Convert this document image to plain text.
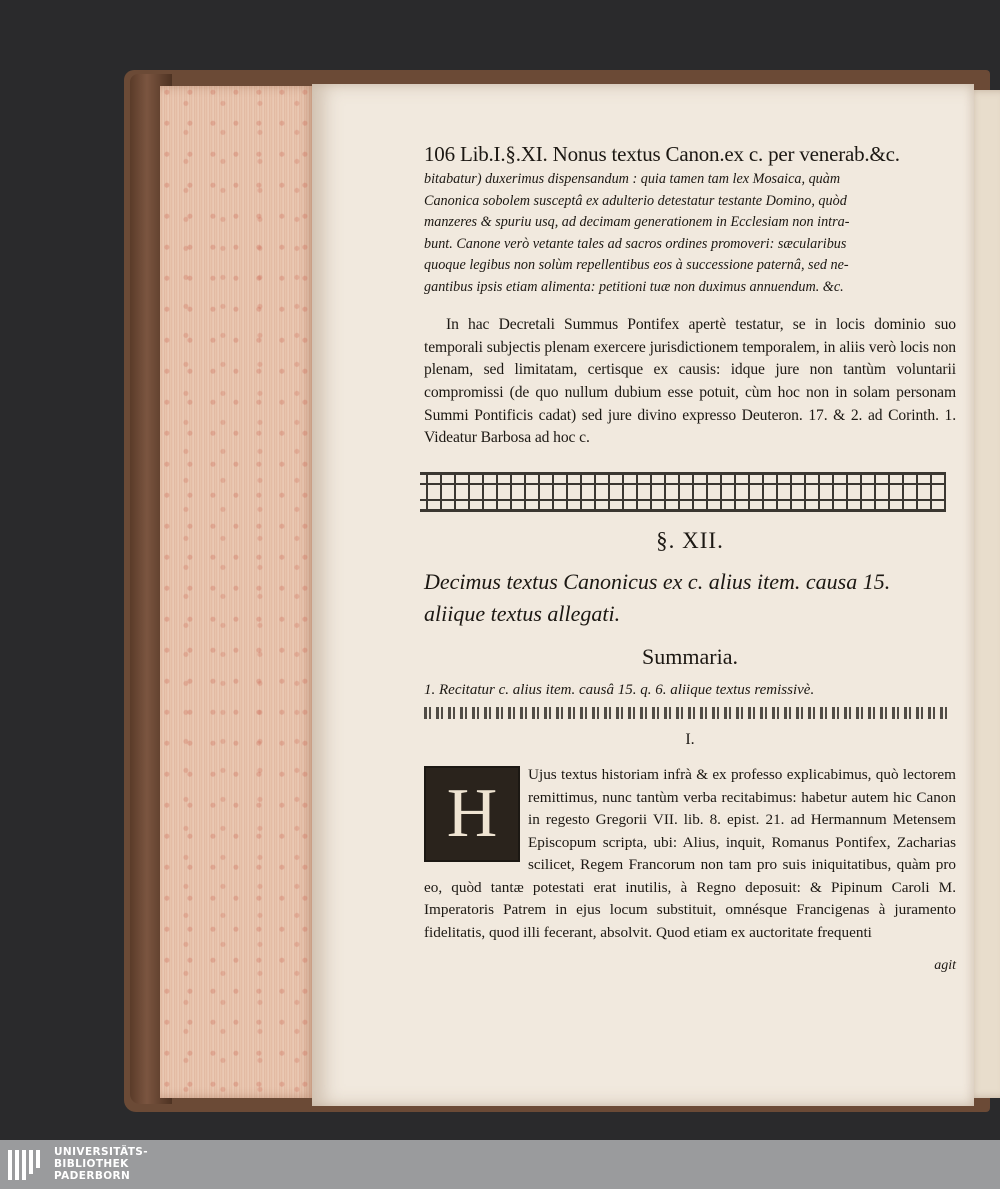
106 Lib.I.§.XI. Nonus textus Canon.ex c. per venerab.&c.

bitabatur) duxerimus dispensandum : quia tamen tam lex Mosaica, quàm

Canonica sobolem susceptâ ex adulterio detestatur testante Domino, quòd

manzeres & spuriu usq, ad decimam generationem in Ecclesiam non intra-

bunt. Canone verò vetante tales ad sacros ordines promoveri: sæcularibus

quoque legibus non solùm repellentibus eos à successione paternâ, sed ne-

gantibus ipsis etiam alimenta: petitioni tuæ non duximus annuendum. &c.

In hac Decretali Summus Pontifex apertè testatur, se in locis dominio suo temporali subjectis plenam exercere jurisdictionem temporalem, in aliis verò locis non plenam, sed limitatam, certisque ex causis: idque jure non tantùm voluntarii compromissi (de quo nullum dubium esse potuit, cùm hoc non in solam personam Summi Pontificis cadat) sed jure divino expresso Deuteron. 17. & 2. ad Corinth. 1. Videatur Barbosa ad hoc c.

§. XII.

Decimus textus Canonicus ex c. alius item. causa 15. aliique textus allegati.

Summaria.

1. Recitatur c. alius item. causâ 15. q. 6. aliique textus remissivè.

I.
H

Ujus textus historiam infrà & ex professo explicabimus, quò lectorem remittimus, nunc tantùm verba recitabimus: habetur autem hic Canon in regesto Gregorii VII. lib. 8. epist. 21. ad Hermannum Metensem Episcopum scripta, ubi: Alius, inquit, Romanus Pontifex, Zacharias scilicet, Regem Francorum non tam pro suis iniquitatibus, quàm pro eo, quòd tantæ potestati erat inutilis, à Regno deposuit: & Pipinum Caroli M. Imperatoris Patrem in ejus locum substituit, omnésque Francigenas à juramento fidelitatis, quod illi fecerant, absolvit. Quod etiam ex auctoritate frequenti

agit
UNIVERSITÄTS-
BIBLIOTHEK
PADERBORN
